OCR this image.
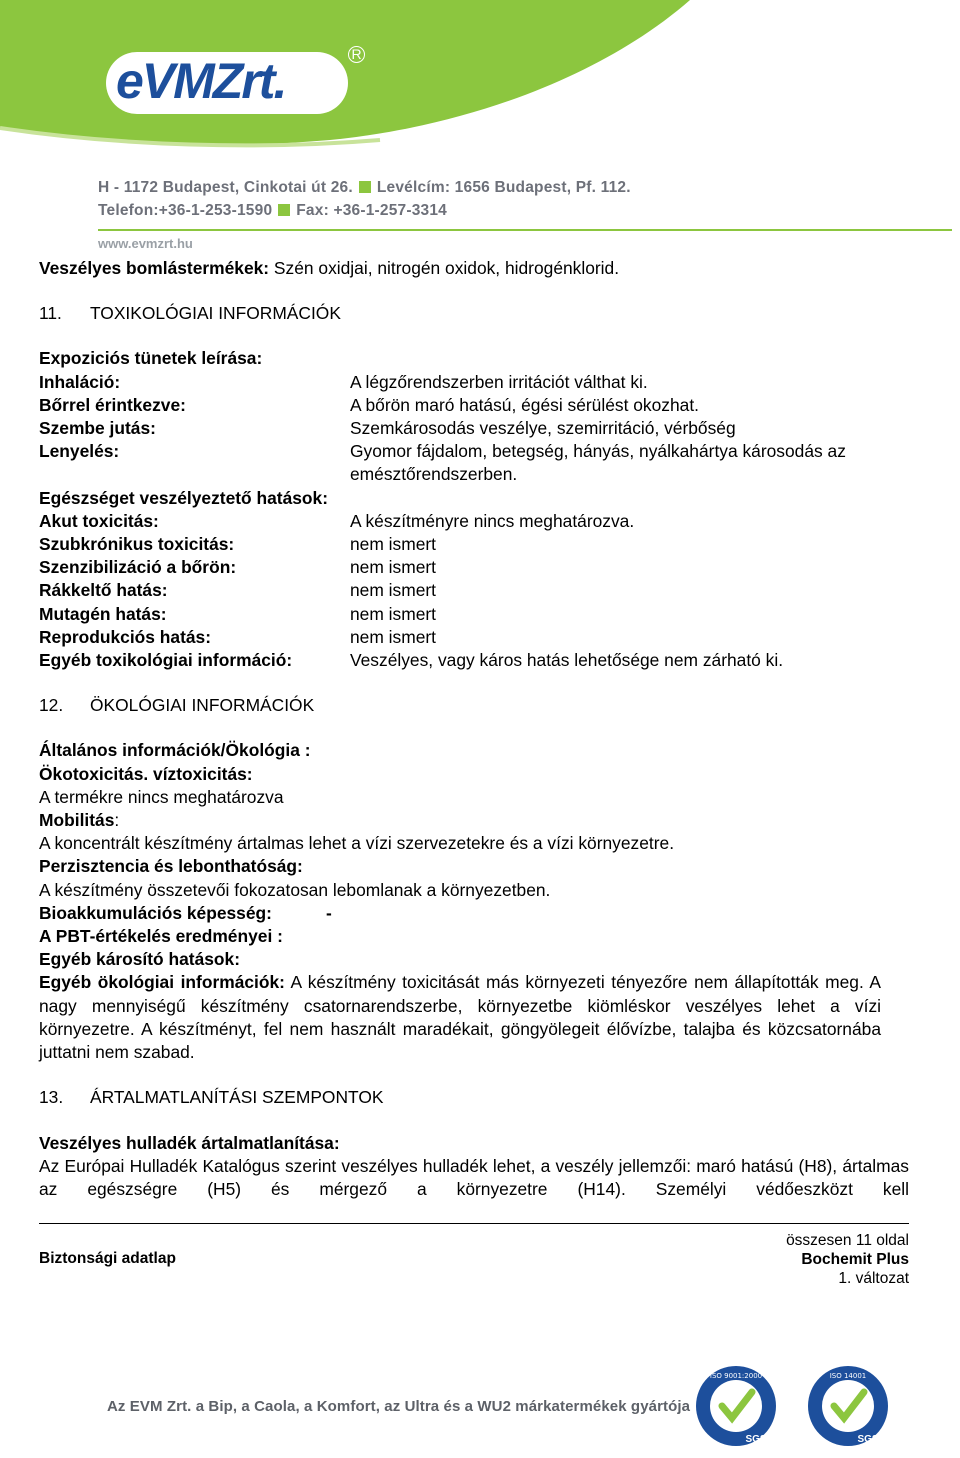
eVMZrt.	R
H - 1172 Budapest, Cinkotai út 26. Levélcím: 1656 Budapest, Pf. 112.
Telefon:+36-1-253-1590 Fax: +36-1-257-3314
www.evmzrt.hu
Veszélyes bomlástermékek: Szén oxidjai, nitrogén oxidok, hidrogénklorid.
11.	TOXIKOLÓGIAI INFORMÁCIÓK
Expoziciós tünetek leírása:
Inhaláció:	A légzőrendszerben irritációt válthat ki.
Bőrrel érintkezve:	A bőrön maró hatású, égési sérülést okozhat.
Szembe jutás:	Szemkárosodás veszélye, szemirritáció, vérbőség
Lenyelés:	Gyomor fájdalom, betegség, hányás, nyálkahártya károsodás az emésztőrendszerben.
Egészséget veszélyeztető hatások:
Akut toxicitás:	A készítményre nincs meghatározva.
Szubkrónikus toxicitás:	nem ismert
Szenzibilizáció a bőrön:	nem ismert
Rákkeltő hatás:	nem ismert
Mutagén hatás:	nem ismert
Reprodukciós hatás:	nem ismert
Egyéb toxikológiai információ:	Veszélyes, vagy káros hatás lehetősége nem zárható ki.
12.	ÖKOLÓGIAI INFORMÁCIÓK
Általános információk/Ökológia :
Ökotoxicitás. víztoxicitás:
A termékre nincs meghatározva
Mobilitás:
A koncentrált készítmény ártalmas lehet a vízi szervezetekre és a vízi környezetre.
Perzisztencia és lebonthatóság:
A készítmény összetevői fokozatosan lebomlanak a környezetben.
Bioakkumulációs képesség:	-
A PBT-értékelés eredményei :
Egyéb károsító hatások:
Egyéb ökológiai információk: A készítmény toxicitását más környezeti tényezőre nem állapították meg. A nagy mennyiségű készítmény csatornarendszerbe, környezetbe kiömléskor veszélyes lehet a vízi környezetre. A készítményt, fel nem használt maradékait, göngyölegeit élővízbe, talajba és közcsatornába juttatni nem szabad.
13.	ÁRTALMATLANÍTÁSI SZEMPONTOK
Veszélyes hulladék ártalmatlanítása:
Az Európai Hulladék Katalógus szerint veszélyes hulladék lehet, a veszély jellemzői: maró hatású (H8), ártalmas az egészségre (H5) és mérgező a környezetre (H14). Személyi védőeszközt kell
Biztonsági adatlap
összesen 11 oldal
Bochemit Plus
1. változat
Az EVM Zrt. a Bip, a Caola, a Komfort, az Ultra és a WU2 márkatermékek gyártója
ISO 9001:2000
SGS
ISO 14001
SGS
